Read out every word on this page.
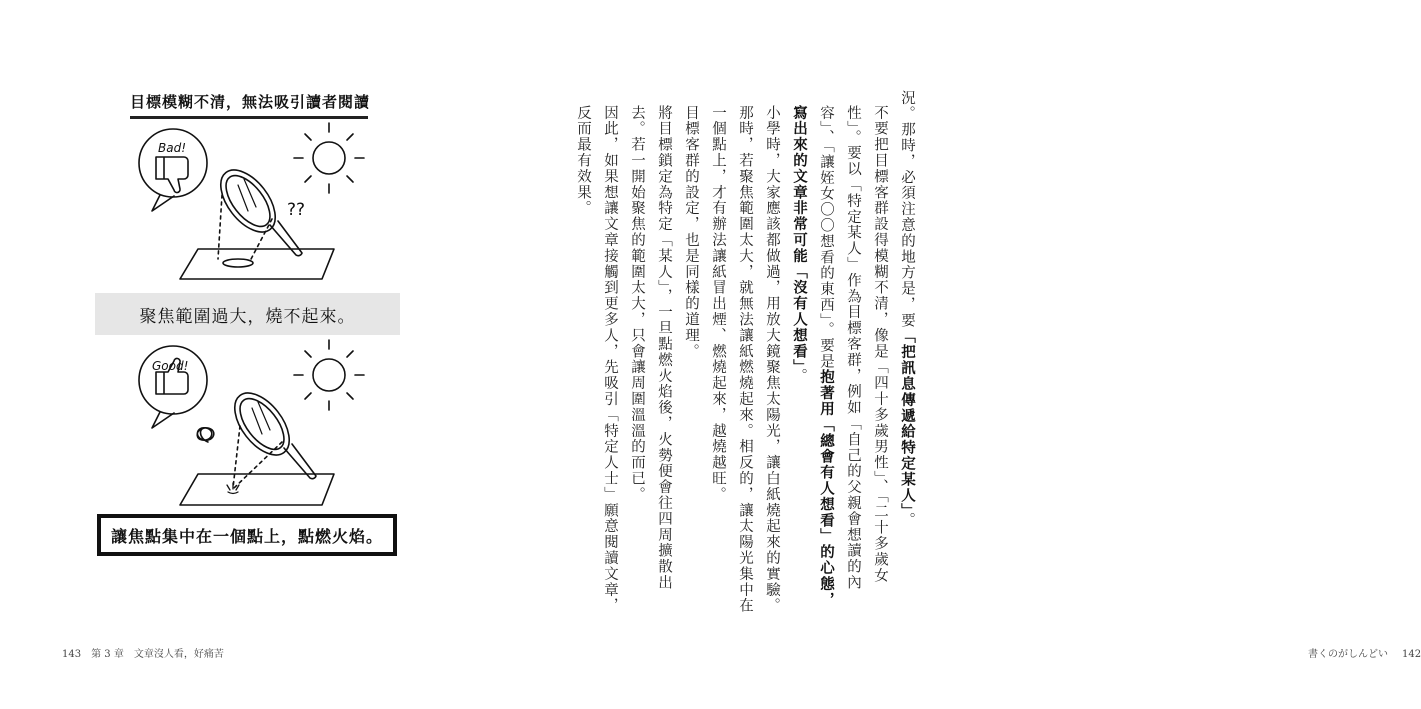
目標模糊不清，無法吸引讀者閱讀
Bad!
??
聚焦範圍過大，燒不起來。
Good!
讓焦點集中在一個點上，點燃火焰。
143 第 3 章　文章沒人看，好痛苦

況。那時，必須注意的地方是，要「把訊息傳遞給特定某人」。

不要把目標客群設得模糊不清，像是「四十多歲男性」、「二十多歲女性」。要以「特定某人」作為目標客群，例如「自己的父親會想讀的內容」、「讓姪女〇〇想看的東西」。要是抱著用「總會有人想看」的心態，寫出來的文章非常可能「沒有人想看」。

小學時，大家應該都做過，用放大鏡聚焦太陽光，讓白紙燒起來的實驗。那時，若聚焦範圍太大，就無法讓紙燃燒起來。相反的，讓太陽光集中在一個點上，才有辦法讓紙冒出煙、燃燒起來，越燒越旺。

目標客群的設定，也是同樣的道理。

將目標鎖定為特定「某人」，一旦點燃火焰後，火勢便會往四周擴散出去。若一開始聚焦的範圍太大，只會讓周圍溫溫的而已。

因此，如果想讓文章接觸到更多人，先吸引「特定人士」願意閱讀文章，反而最有效果。

書くのがしんどい 142
